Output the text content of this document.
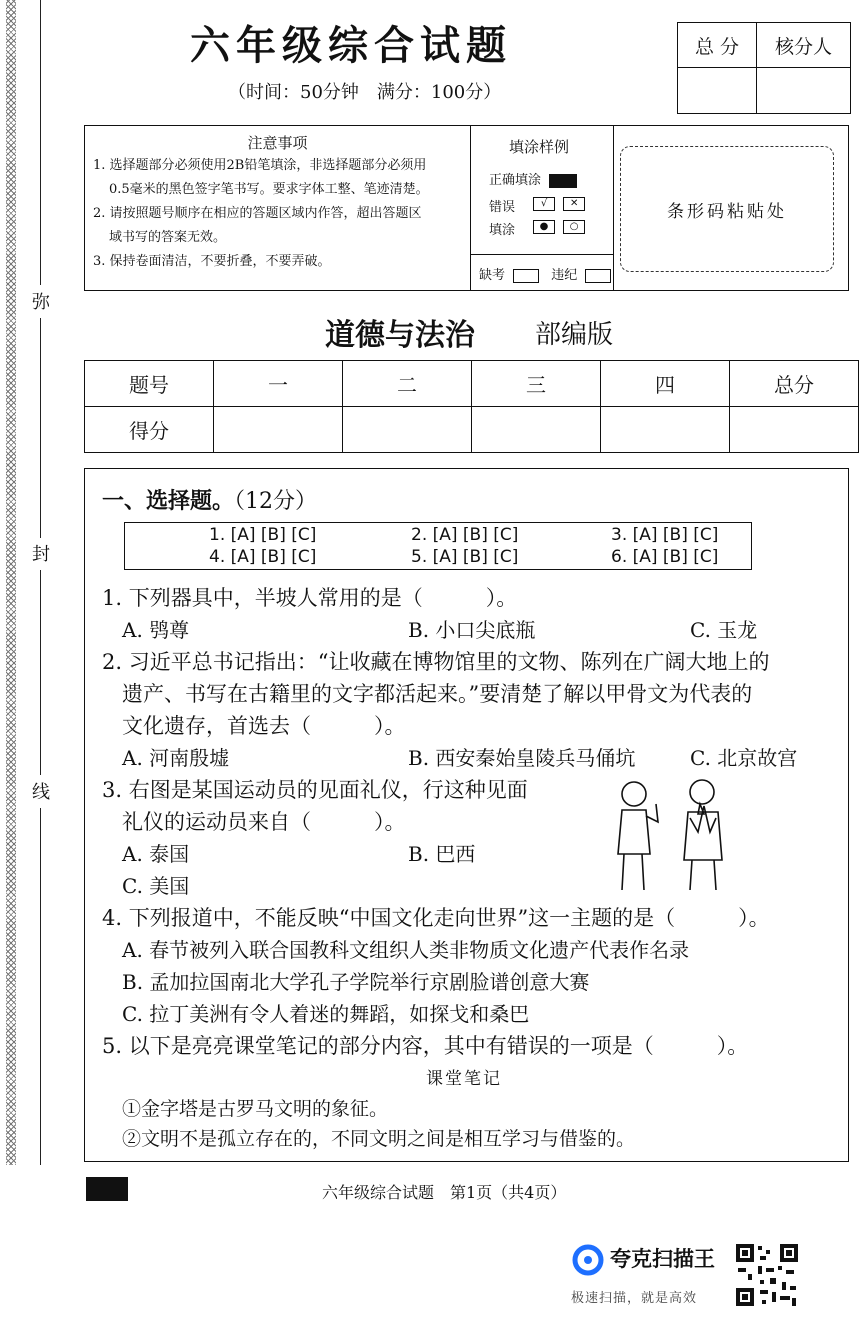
弥
封
线
六年级综合试题
（时间：50分钟　满分：100分）
总 分	核分人
注意事项
1. 选择题部分必须使用2B铅笔填涂，非选择题部分必须用
0.5毫米的黑色签字笔书写。要求字体工整、笔迹清楚。
2. 请按照题号顺序在相应的答题区域内作答，超出答题区
域书写的答案无效。
3. 保持卷面清洁，不要折叠，不要弄破。
填涂样例
正确填涂
错误	√ ✕
填涂	● ○
缺考	违纪
条形码粘贴处
道德与法治 部编版
题号	一	二	三	四	总分
得分					
一、选择题。（12分）
1. [A] [B] [C]	2. [A] [B] [C]	3. [A] [B] [C]
4. [A] [B] [C]	5. [A] [B] [C]	6. [A] [B] [C]
1. 下列器具中，半坡人常用的是（　　　）。
A. 鸮尊	B. 小口尖底瓶	C. 玉龙
2. 习近平总书记指出：“让收藏在博物馆里的文物、陈列在广阔大地上的
遗产、书写在古籍里的文字都活起来。”要清楚了解以甲骨文为代表的
文化遗存，首选去（　　　）。
A. 河南殷墟	B. 西安秦始皇陵兵马俑坑	C. 北京故宫
3. 右图是某国运动员的见面礼仪，行这种见面
礼仪的运动员来自（　　　）。
A. 泰国	B. 巴西
C. 美国
4. 下列报道中，不能反映“中国文化走向世界”这一主题的是（　　　）。
A. 春节被列入联合国教科文组织人类非物质文化遗产代表作名录
B. 孟加拉国南北大学孔子学院举行京剧脸谱创意大赛
C. 拉丁美洲有令人着迷的舞蹈，如探戈和桑巴
5. 以下是亮亮课堂笔记的部分内容，其中有错误的一项是（　　　）。
课堂笔记
①金字塔是古罗马文明的象征。
②文明不是孤立存在的，不同文明之间是相互学习与借鉴的。
六年级综合试题　第1页（共4页）
夸克扫描王
极速扫描，就是高效
